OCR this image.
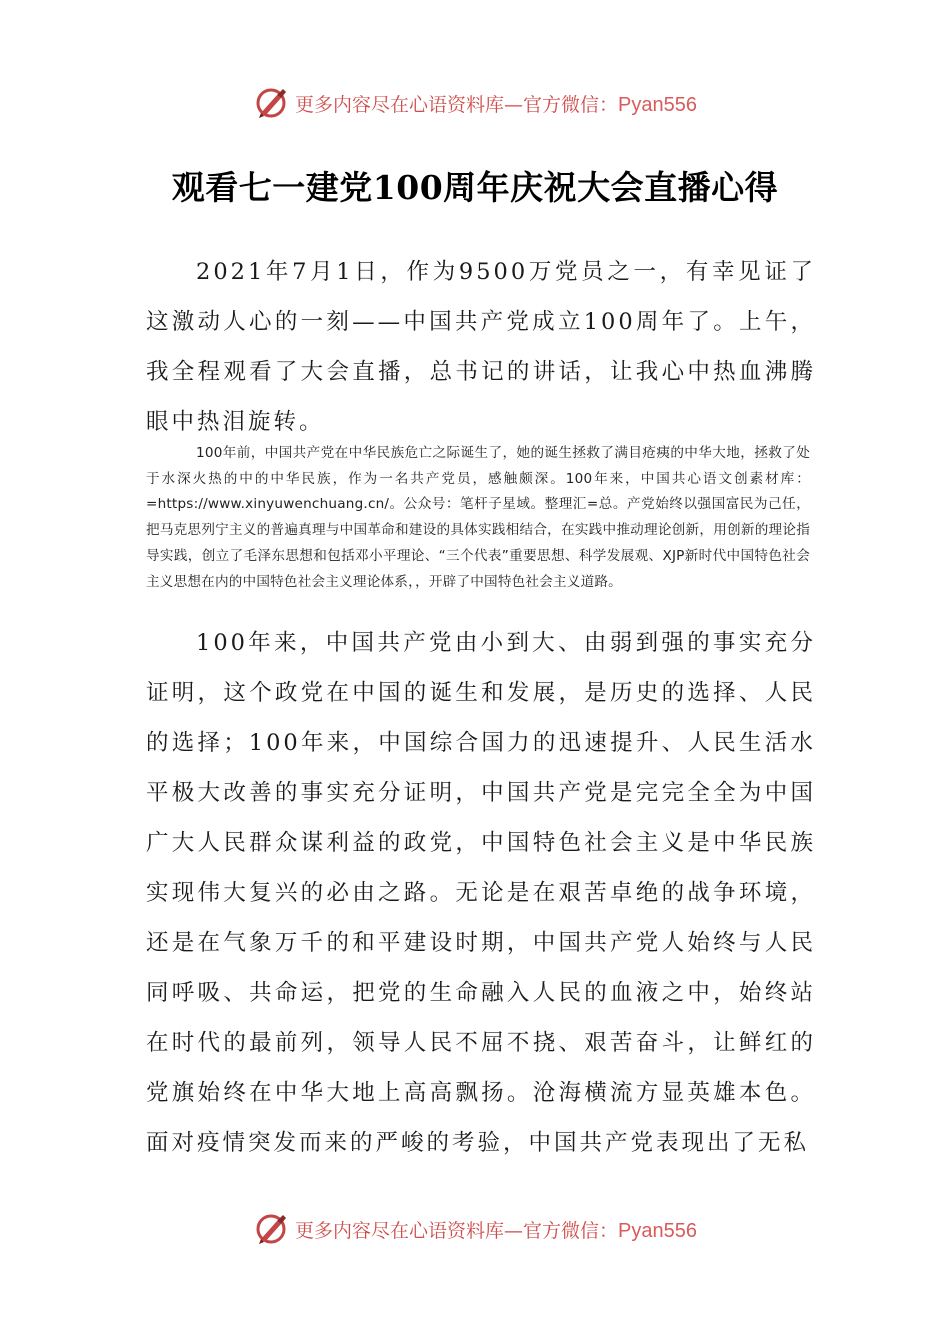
更多内容尽在心语资料库—官方微信：Pyan556
观看七一建党100周年庆祝大会直播心得

2021年7月1日，作为9500万党员之一，有幸见证了这激动人心的一刻——中国共产党成立100周年了。上午，我全程观看了大会直播，总书记的讲话，让我心中热血沸腾眼中热泪旋转。

100年前，中国共产党在中华民族危亡之际诞生了，她的诞生拯救了满目疮痍的中华大地，拯救了处于水深火热的中的中华民族，作为一名共产党员，感触颇深。100年来，中国共心语文创素材库：=https://www.xinyuwenchuang.cn/。公众号：笔杆子星域。整理汇=总。产党始终以强国富民为己任，把马克思列宁主义的普遍真理与中国革命和建设的具体实践相结合，在实践中推动理论创新，用创新的理论指导实践，创立了毛泽东思想和包括邓小平理论、“三个代表”重要思想、科学发展观、XJP新时代中国特色社会主义思想在内的中国特色社会主义理论体系，，开辟了中国特色社会主义道路。

100年来，中国共产党由小到大、由弱到强的事实充分证明，这个政党在中国的诞生和发展，是历史的选择、人民的选择；100年来，中国综合国力的迅速提升、人民生活水平极大改善的事实充分证明，中国共产党是完完全全为中国广大人民群众谋利益的政党，中国特色社会主义是中华民族实现伟大复兴的必由之路。无论是在艰苦卓绝的战争环境，还是在气象万千的和平建设时期，中国共产党人始终与人民同呼吸、共命运，把党的生命融入人民的血液之中，始终站在时代的最前列，领导人民不屈不挠、艰苦奋斗，让鲜红的党旗始终在中华大地上高高飘扬。沧海横流方显英雄本色。面对疫情突发而来的严峻的考验，中国共产党表现出了无私

更多内容尽在心语资料库—官方微信：Pyan556
